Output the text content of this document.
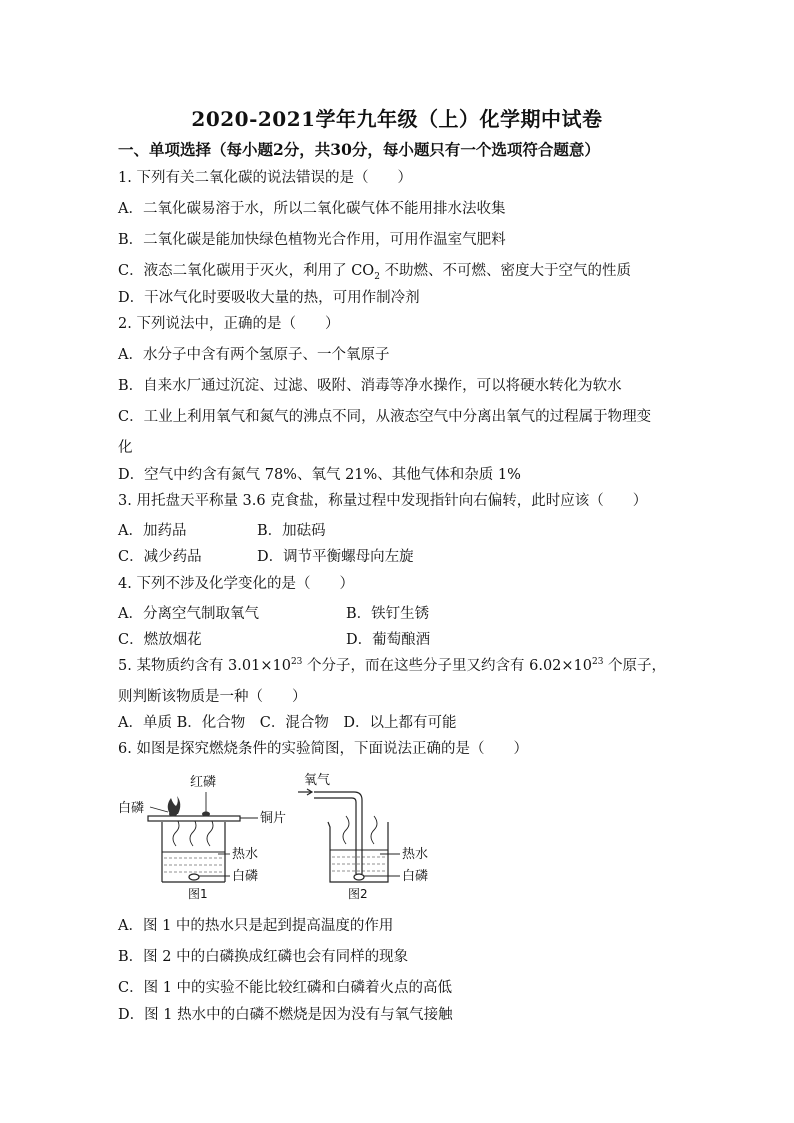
2020-2021学年九年级（上）化学期中试卷
一、单项选择（每小题2分，共30分，每小题只有一个选项符合题意）
1. 下列有关二氧化碳的说法错误的是（　　）
A．二氧化碳易溶于水，所以二氧化碳气体不能用排水法收集
B．二氧化碳是能加快绿色植物光合作用，可用作温室气肥料
C．液态二氧化碳用于灭火，利用了 $CO_2$ 不助燃、不可燃、密度大于空气的性质
D．干冰气化时要吸收大量的热，可用作制冷剂
2. 下列说法中，正确的是（　　）
A．水分子中含有两个氢原子、一个氧原子
B．自来水厂通过沉淀、过滤、吸附、消毒等净水操作，可以将硬水转化为软水
C．工业上利用氧气和氮气的沸点不同，从液态空气中分离出氧气的过程属于物理变
化
D．空气中约含有氮气 78%、氧气 21%、其他气体和杂质 1%
3. 用托盘天平称量 3.6 克食盐，称量过程中发现指针向右偏转，此时应该（　　）
A．加药品	B．加砝码
C．减少药品	D．调节平衡螺母向左旋
4. 下列不涉及化学变化的是（　　）
A．分离空气制取氧气	B．铁钉生锈
C．燃放烟花	D．葡萄酿酒
5. 某物质约含有 $3.01\times 10^{23}$ 个分子，而在这些分子里又约含有 $6.02\times 10^{23}$ 个原子，
则判断该物质是一种（　　）
A．单质 B．化合物　C．混合物　D．以上都有可能
6. 如图是探究燃烧条件的实验简图，下面说法正确的是（　　）
红磷
白磷
铜片
热水
白磷
图1
氧气
热水
白磷
图2
A．图 1 中的热水只是起到提高温度的作用
B．图 2 中的白磷换成红磷也会有同样的现象
C．图 1 中的实验不能比较红磷和白磷着火点的高低
D．图 1 热水中的白磷不燃烧是因为没有与氧气接触
